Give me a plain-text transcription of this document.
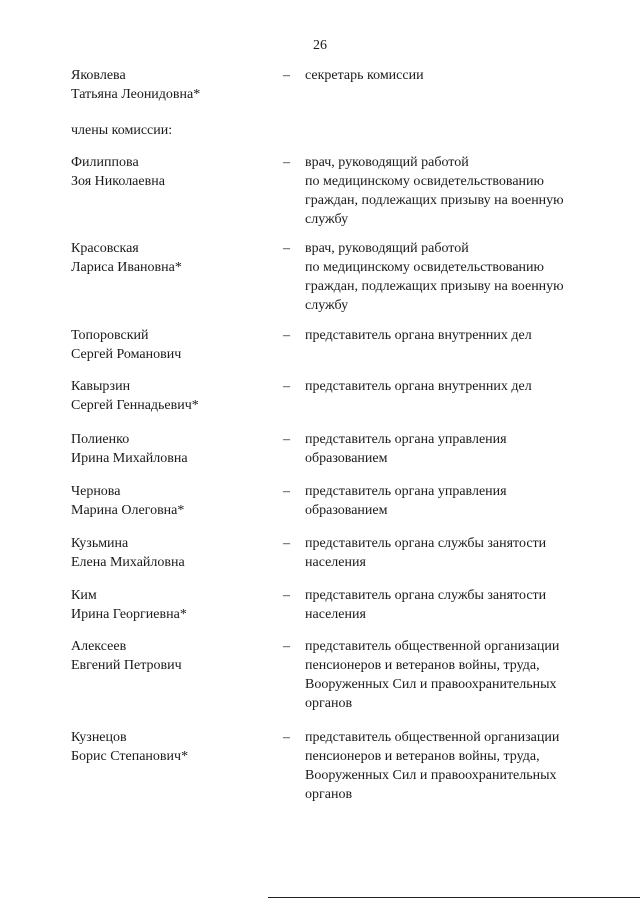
26
Яковлева
Татьяна Леонидовна*
– секретарь комиссии
члены комиссии:
Филиппова
Зоя Николаевна
– врач, руководящий работой
по медицинскому освидетельствованию
граждан, подлежащих призыву на военную
службу
Красовская
Лариса Ивановна*
– врач, руководящий работой
по медицинскому освидетельствованию
граждан, подлежащих призыву на военную
службу
Топоровский
Сергей Романович
– представитель органа внутренних дел
Кавырзин
Сергей Геннадьевич*
– представитель органа внутренних дел
Полиенко
Ирина Михайловна
– представитель органа управления
образованием
Чернова
Марина Олеговна*
– представитель органа управления
образованием
Кузьмина
Елена Михайловна
– представитель органа службы занятости
населения
Ким
Ирина Георгиевна*
– представитель органа службы занятости
населения
Алексеев
Евгений Петрович
– представитель общественной организации
пенсионеров и ветеранов войны, труда,
Вооруженных Сил и правоохранительных
органов
Кузнецов
Борис Степанович*
– представитель общественной организации
пенсионеров и ветеранов войны, труда,
Вооруженных Сил и правоохранительных
органов
